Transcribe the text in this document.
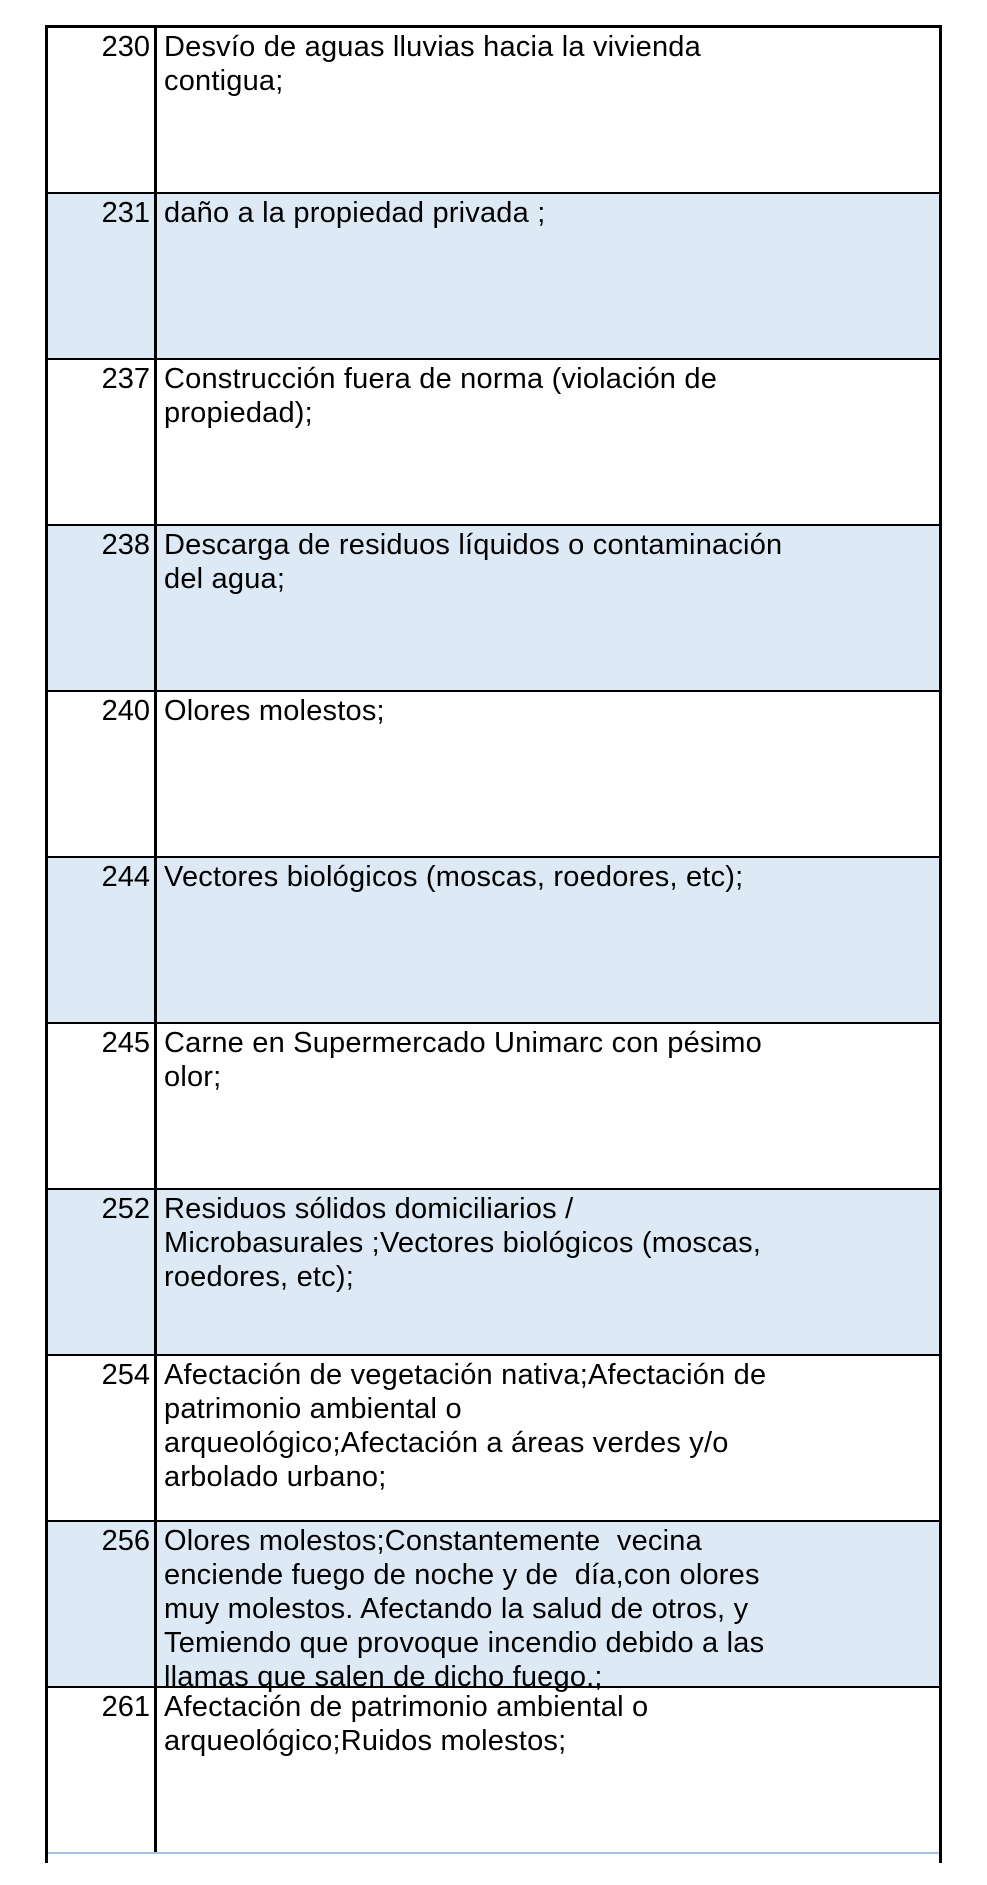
230 Desvío de aguas lluvias hacia la vivienda
contigua;
231 daño a la propiedad privada ;
237 Construcción fuera de norma (violación de
propiedad);
238 Descarga de residuos líquidos o contaminación
del agua;
240 Olores molestos;
244 Vectores biológicos (moscas, roedores, etc);
245 Carne en Supermercado Unimarc con pésimo
olor;
252 Residuos sólidos domiciliarios /
Microbasurales ;Vectores biológicos (moscas,
roedores, etc);
254 Afectación de vegetación nativa;Afectación de
patrimonio ambiental o
arqueológico;Afectación a áreas verdes y/o
arbolado urbano;
256 Olores molestos;Constantemente  vecina
enciende fuego de noche y de  día,con olores
muy molestos. Afectando la salud de otros, y
Temiendo que provoque incendio debido a las
llamas que salen de dicho fuego.;
261 Afectación de patrimonio ambiental o
arqueológico;Ruidos molestos;
